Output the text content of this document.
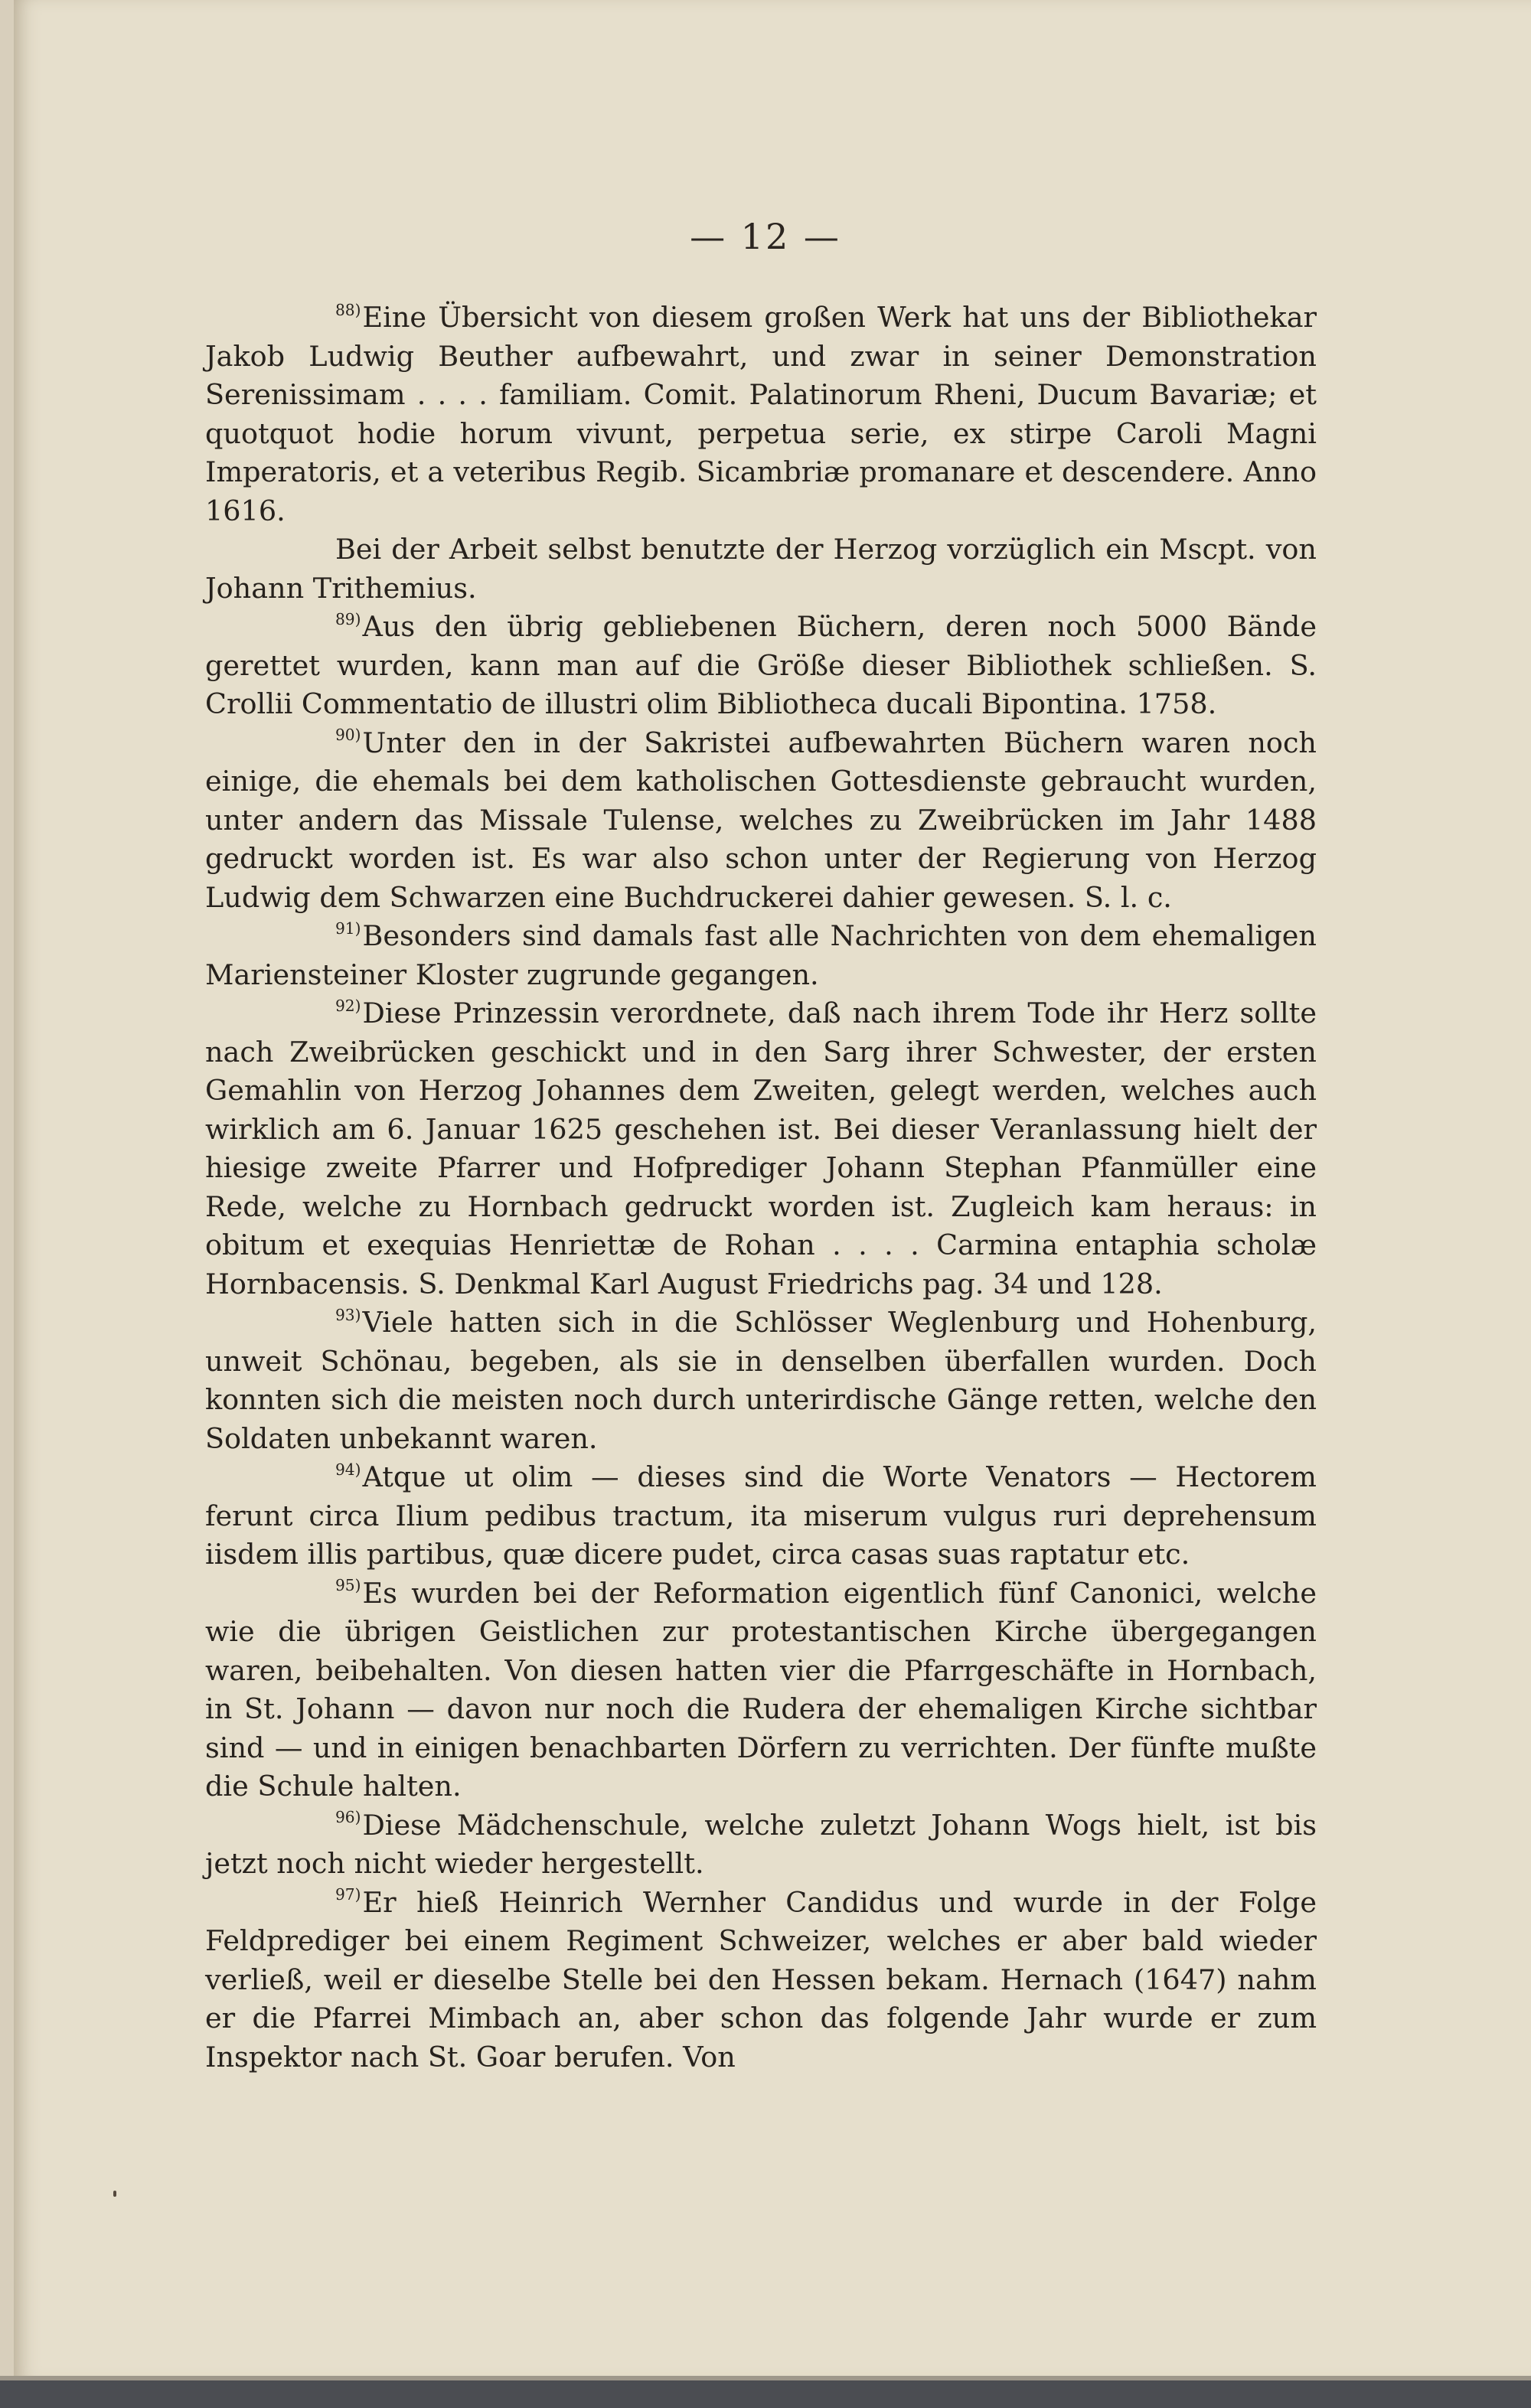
— 12 —

$^{88)}$Eine Übersicht von diesem großen Werk hat uns der Bibliothekar Jakob Ludwig Beuther aufbewahrt, und zwar in seiner Demonstration Serenissimam . . . . familiam. Comit. Palatinorum Rheni, Ducum Bavariæ; et quotquot hodie horum vivunt, perpetua serie, ex stirpe Caroli Magni Imperatoris, et a veteribus Regib. Sicambriæ promanare et descendere. Anno 1616.

Bei der Arbeit selbst benutzte der Herzog vorzüglich ein Mscpt. von Johann Trithemius.

$^{89)}$Aus den übrig gebliebenen Büchern, deren noch 5000 Bände gerettet wurden, kann man auf die Größe dieser Bibliothek schließen. S. Crollii Commentatio de illustri olim Bibliotheca ducali Bipontina. 1758.

$^{90)}$Unter den in der Sakristei aufbewahrten Büchern waren noch einige, die ehemals bei dem katholischen Gottesdienste gebraucht wurden, unter andern das Missale Tulense, welches zu Zweibrücken im Jahr 1488 gedruckt worden ist. Es war also schon unter der Regierung von Herzog Ludwig dem Schwarzen eine Buchdruckerei dahier gewesen. S. l. c.

$^{91)}$Besonders sind damals fast alle Nachrichten von dem ehemaligen Mariensteiner Kloster zugrunde gegangen.

$^{92)}$Diese Prinzessin verordnete, daß nach ihrem Tode ihr Herz sollte nach Zweibrücken geschickt und in den Sarg ihrer Schwester, der ersten Gemahlin von Herzog Johannes dem Zweiten, gelegt werden, welches auch wirklich am 6. Januar 1625 geschehen ist. Bei dieser Veranlassung hielt der hiesige zweite Pfarrer und Hofprediger Johann Stephan Pfanmüller eine Rede, welche zu Hornbach gedruckt worden ist. Zugleich kam heraus: in obitum et exequias Henriettæ de Rohan . . . . Carmina entaphia scholæ Hornbacensis. S. Denkmal Karl August Friedrichs pag. 34 und 128.

$^{93)}$Viele hatten sich in die Schlösser Weglenburg und Hohenburg, unweit Schönau, begeben, als sie in denselben überfallen wurden. Doch konnten sich die meisten noch durch unterirdische Gänge retten, welche den Soldaten unbekannt waren.

$^{94)}$Atque ut olim — dieses sind die Worte Venators — Hectorem ferunt circa Ilium pedibus tractum, ita miserum vulgus ruri deprehensum iisdem illis partibus, quæ dicere pudet, circa casas suas raptatur etc.

$^{95)}$Es wurden bei der Reformation eigentlich fünf Canonici, welche wie die übrigen Geistlichen zur protestantischen Kirche übergegangen waren, beibehalten. Von diesen hatten vier die Pfarrgeschäfte in Hornbach, in St. Johann — davon nur noch die Rudera der ehemaligen Kirche sichtbar sind — und in einigen benachbarten Dörfern zu verrichten. Der fünfte mußte die Schule halten.

$^{96)}$Diese Mädchenschule, welche zuletzt Johann Wogs hielt, ist bis jetzt noch nicht wieder hergestellt.

$^{97)}$Er hieß Heinrich Wernher Candidus und wurde in der Folge Feldprediger bei einem Regiment Schweizer, welches er aber bald wieder verließ, weil er dieselbe Stelle bei den Hessen bekam. Hernach (1647) nahm er die Pfarrei Mimbach an, aber schon das folgende Jahr wurde er zum Inspektor nach St. Goar berufen. Von
